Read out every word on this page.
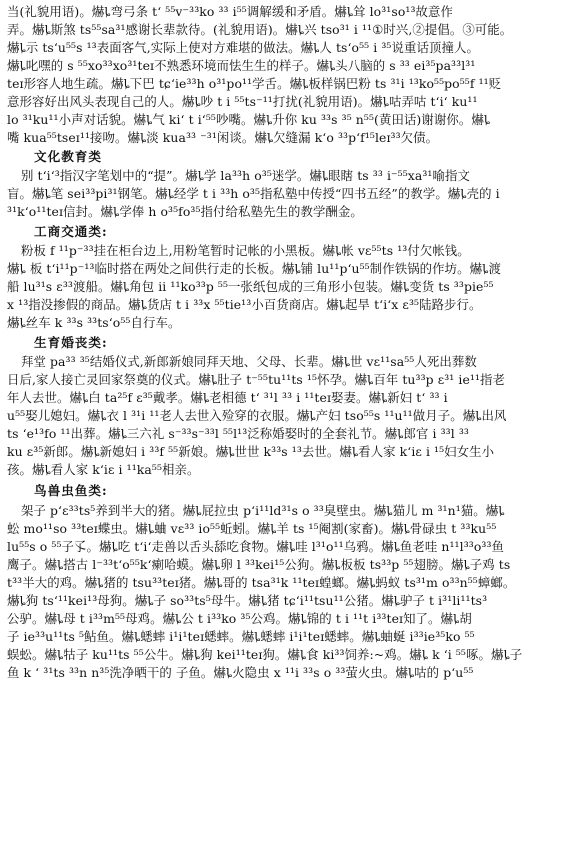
当(礼貌用语)。爀ȴ弯弓条 tʻ ⁵⁵v⁻³³ko ³³ i⁵⁵调解缓和矛盾。爀ȴ耸 lo³¹so¹³故意作
弄。爀ȴ斯煞 ts⁵⁵sa³¹感谢长辈款待。(礼貌用语)。爀ȴ兴 tso³¹ i ¹¹①时兴,②提倡。③可能。
爀ȴ示 tsʻu⁵⁵s ¹³表面客气,实际上使对方难堪的做法。爀ȴ人 tsʻo⁵⁵ i ³⁵说重话顶撞人。
爀ȴ叱嘿的 s ⁵⁵xo³³xo³¹teɪ不熟悉环境而怯生生的样子。爀ȴ头八脑的 s ³³ ei³⁵pa³³l³¹
teɪ形容人地生疏。爀ȴ下巴 tɕʻie³³h o³¹po¹¹学舌。爀ȴ板样锅巴粉 ts ³¹i ¹³ko⁵⁵po⁵⁵f ¹¹贬
意形容好出风头表现自己的人。爀ȴ吵 t i ⁵⁵ts⁻¹¹打扰(礼貌用语)。爀ȴ咕弄咕 tʻiʻ ku¹¹
lo ³¹ku¹¹小声对话貌。爀ȴ气 kiʻ t iʻ⁵⁵吵嘴。爀ȴ升你 ku ³³s ³⁵ n⁵⁵(黄田话)谢谢你。爀ȴ
嘴 kua⁵⁵tseɪ¹¹接吻。爀ȴ淡 kua³³ ⁻³¹闲谈。爀ȴ欠缝漏 kʻo ³³pʻf¹⁵leɪ³³欠债。
文化教育类
别 tʻiʻ³指汉字笔划中的“提”。爀ȴ学 la³³h o³⁵迷学。爀ȴ眼瞎 ts ³³ i⁻⁵⁵xa³¹喻指文
盲。爀ȴ笔 sei³³pi³¹钢笔。爀ȴ经学 t i ³³h o³⁵指私塾中传授“四书五经”的教学。爀ȴ壳的 i
³¹kʻo¹¹teɪ信封。爀ȴ学俸 h o³⁵fo³⁵指付给私塾先生的教学酬金。
工商交通类:
粉板 f ¹¹p⁻³³挂在柜台边上,用粉笔暂时记帐的小黑板。爀ȴ帐 vɛ⁵⁵ts ¹³付欠帐钱。
爀ȴ 板 tʻi¹¹p⁻¹³临时搭在两处之间供行走的长板。爀ȴ铺 lu¹¹pʻu⁵⁵制作铁锅的作坊。爀ȴ渡
船 lu³¹s ɛ³³渡船。爀ȴ角包 ii ¹¹ko³³p ⁵⁵一张纸包成的三角形小包装。爀ȴ变货 ts ³³pie⁵⁵
x ¹³指没掺假的商品。爀ȴ货店 t i ³³x ⁵⁵tie¹³小百货商店。爀ȴ起旱 tʻiʻx ɛ³⁵陆路步行。
爀ȴ丝车 k ³³s ³³tsʻo⁵⁵自行车。
生育婚丧类:
拜堂 pa³³ ³⁵结婚仪式,新郎新娘同拜天地、父母、长辈。爀ȴ世 vɛ¹¹sa⁵⁵人死出葬数
日后,家人接亡灵回家祭奠的仪式。爀ȴ肚子 t⁻⁵⁵tu¹¹ts ¹⁵怀孕。爀ȴ百年 tu³³p ɛ³¹ ie¹¹指老
年人去世。爀ȴ白 ta²⁵f ɛ³⁵戴孝。爀ȴ老相德 tʻ ³¹l ³³ i ¹¹teɪ娶妻。爀ȴ新妇 tʻ ³³ i
u⁵⁵娶儿媳妇。爀ȴ衣 l ³¹i ¹¹老人去世入殓穿的衣服。爀ȴ产妇 tso⁵⁵s ¹¹u¹¹做月子。爀ȴ出风
ts ʻe¹³fo ¹¹出葬。爀ȴ三六礼 s⁻³³s⁻³³l ⁵⁵l¹³泛称婚娶时的全套礼节。爀ȴ郎官 i ³³l ³³
ku ɛ³⁵新郎。爀ȴ新媳妇 i ³³f ⁵⁵新娘。爀ȴ世世 k³³s ¹³去世。爀ȴ看人家 kʻiɛ i ¹⁵妇女生小
孩。爀ȴ看人家 kʻiɛ i ¹¹ka⁵⁵相亲。
鸟兽虫鱼类:
架子 pʻɛ³³ts⁵养到半大的猪。爀ȴ屁拉虫 pʻi¹¹ld³¹s o ³³臭壁虫。爀ȴ猫儿 m ³¹n¹猫。爀ȴ
蚣 mo¹¹so ³³teɪ蝶虫。爀ȴ蛐 vɛ³³ io⁵⁵蚯蚓。爀ȴ羊 ts ¹⁵阉割(家畜)。爀ȴ骨碌虫 t ³³ku⁵⁵
lu⁵⁵s o ⁵⁵子孓。爀ȴ吃 tʻiʻ走兽以舌头舔吃食物。爀ȴ哇 l³¹o¹¹乌鸦。爀ȴ鱼老哇 n¹¹l³³o³³鱼
鹰子。爀ȴ搭古 l⁻³³tʻo⁵⁵kʻ瘌哈蟆。爀ȴ卵 l ³³kei¹⁵公狗。爀ȴ板板 ts³³p ⁵⁵翅膀。爀ȴ子鸡 ts
t³³半大的鸡。爀ȴ猪的 tsu³³teɪ猪。爀ȴ哥的 tsa³¹k ¹¹teɪ蝗螂。爀ȴ蚂蚁 ts³¹m o³³n⁵⁵蟑螂。
爀ȴ狗 tsʻ¹¹kei¹³母狗。爀ȴ子 so³³ts⁵母牛。爀ȴ猪 tɕʻi¹¹tsu¹¹公猪。爀ȴ驴子 t i³¹li¹¹ts³
公驴。爀ȴ母 t i³³m⁵⁵母鸡。爀ȴ公 t i³³ko ³⁵公鸡。爀ȴ锦的 t i ¹¹t i³³teɪ知了。爀ȴ胡
子 ie³³u¹¹ts ⁵鲇鱼。爀ȴ蟋蟀 i¹i¹teɪ蟋蟀。爀ȴ蟋蟀 i¹i¹teɪ蟋蟀。爀ȴ蚰蜒 i³³ie³⁵ko ⁵⁵
蜈蚣。爀ȴ牯子 ku¹¹ts ⁵⁵公牛。爀ȴ狗 kei¹¹teɪ狗。爀ȴ食 ki³³饲养:~鸡。爀ȴ k ʻi ⁵⁵啄。爀ȴ子
鱼 k ʻ ³¹ts ³³n n³⁵洗净晒干的 子鱼。爀ȴ火隐虫 x ¹¹i ³³s o ³³萤火虫。爀ȴ咕的 pʻu⁵⁵
